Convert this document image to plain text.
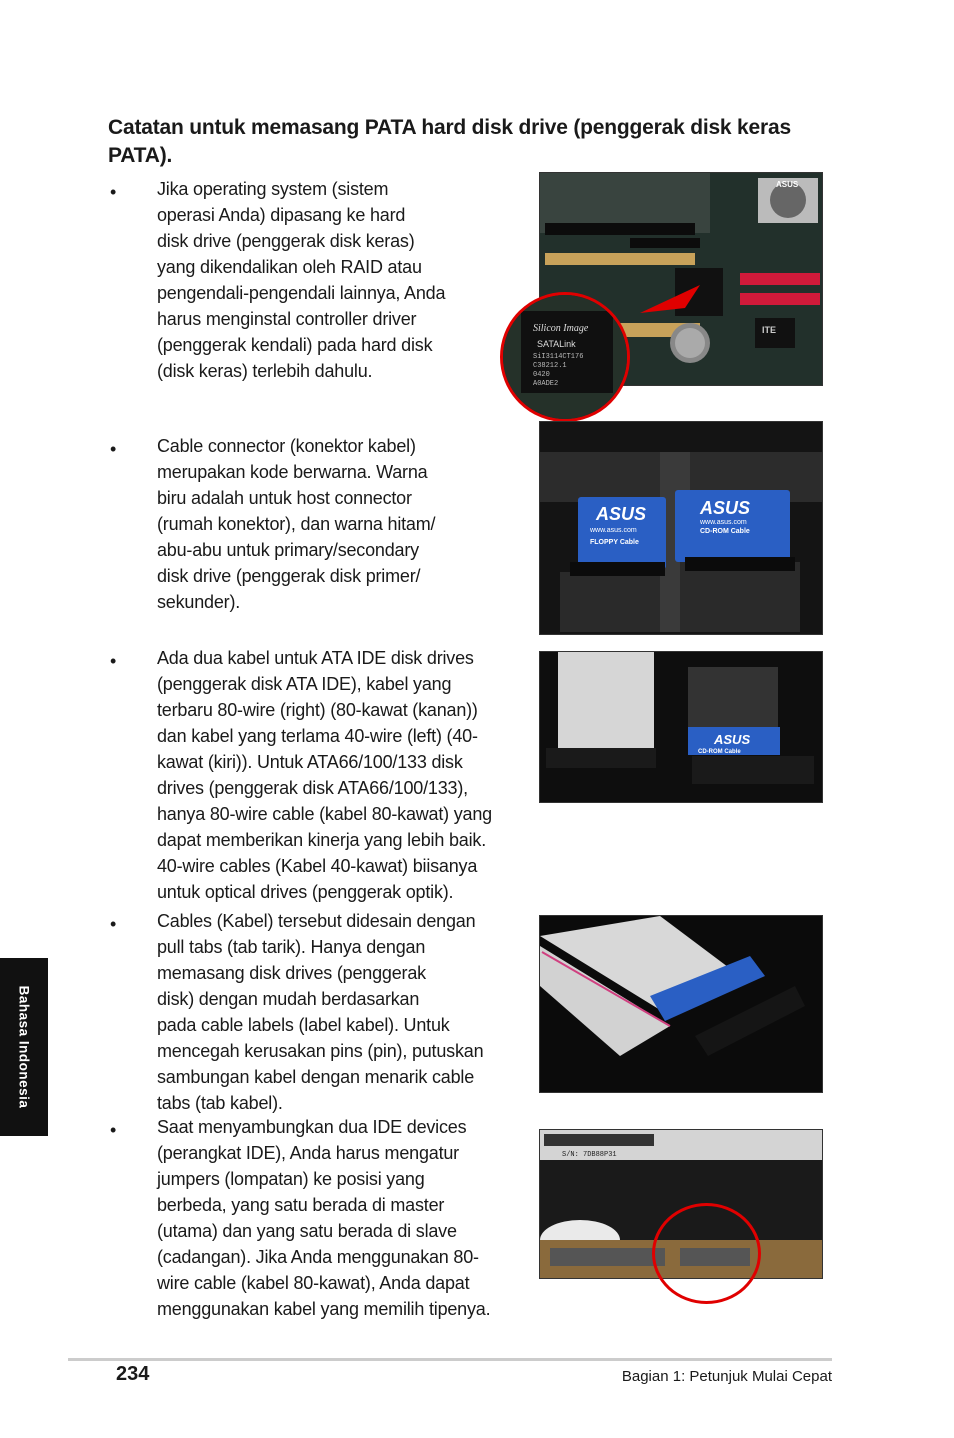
Catatan untuk memasang PATA hard disk drive (penggerak disk keras PATA).
• Jika operating system (sistem
operasi Anda) dipasang ke hard
disk drive (penggerak disk keras)
yang dikendalikan oleh RAID atau
pengendali-pengendali lainnya, Anda
harus menginstal controller driver
(penggerak kendali) pada hard disk
(disk keras) terlebih dahulu.

• Cable connector (konektor kabel)
merupakan kode berwarna. Warna
biru adalah untuk host connector
(rumah konektor), dan warna hitam/
abu-abu untuk primary/secondary
disk drive (penggerak disk primer/
sekunder).

• Ada dua kabel untuk ATA IDE disk drives
(penggerak disk ATA IDE), kabel yang
terbaru 80-wire (right) (80-kawat (kanan))
dan kabel yang terlama 40-wire (left) (40-
kawat (kiri)). Untuk ATA66/100/133 disk
drives (penggerak disk ATA66/100/133),
hanya 80-wire cable (kabel 80-kawat) yang
dapat memberikan kinerja yang lebih baik.
40-wire cables (Kabel 40-kawat) biisanya
untuk optical drives (penggerak optik).

• Cables (Kabel) tersebut didesain dengan
pull tabs (tab tarik). Hanya dengan
memasang disk drives (penggerak
disk) dengan mudah berdasarkan
pada cable labels (label kabel). Untuk
mencegah kerusakan pins (pin), putuskan
sambungan kabel dengan menarik cable
tabs (tab kabel).

• Saat menyambungkan dua IDE devices
(perangkat IDE), Anda harus mengatur
jumpers (lompatan) ke posisi yang
berbeda, yang satu berada di master
(utama) dan yang satu berada di slave
(cadangan). Jika Anda menggunakan 80-
wire cable (kabel 80-kawat), Anda dapat
menggunakan kabel yang memilih tipenya.

ASUS
ITE
Silicon Image
SATALink
SiI3114CT176
C38212.1
0420
A0ADE2
ASUS
www.asus.com
FLOPPY Cable
ASUS
www.asus.com
CD-ROM Cable
ASUS
CD-ROM Cable
S/N: 7DB88P31
Bahasa Indonesia
234	Bagian 1: Petunjuk Mulai Cepat
